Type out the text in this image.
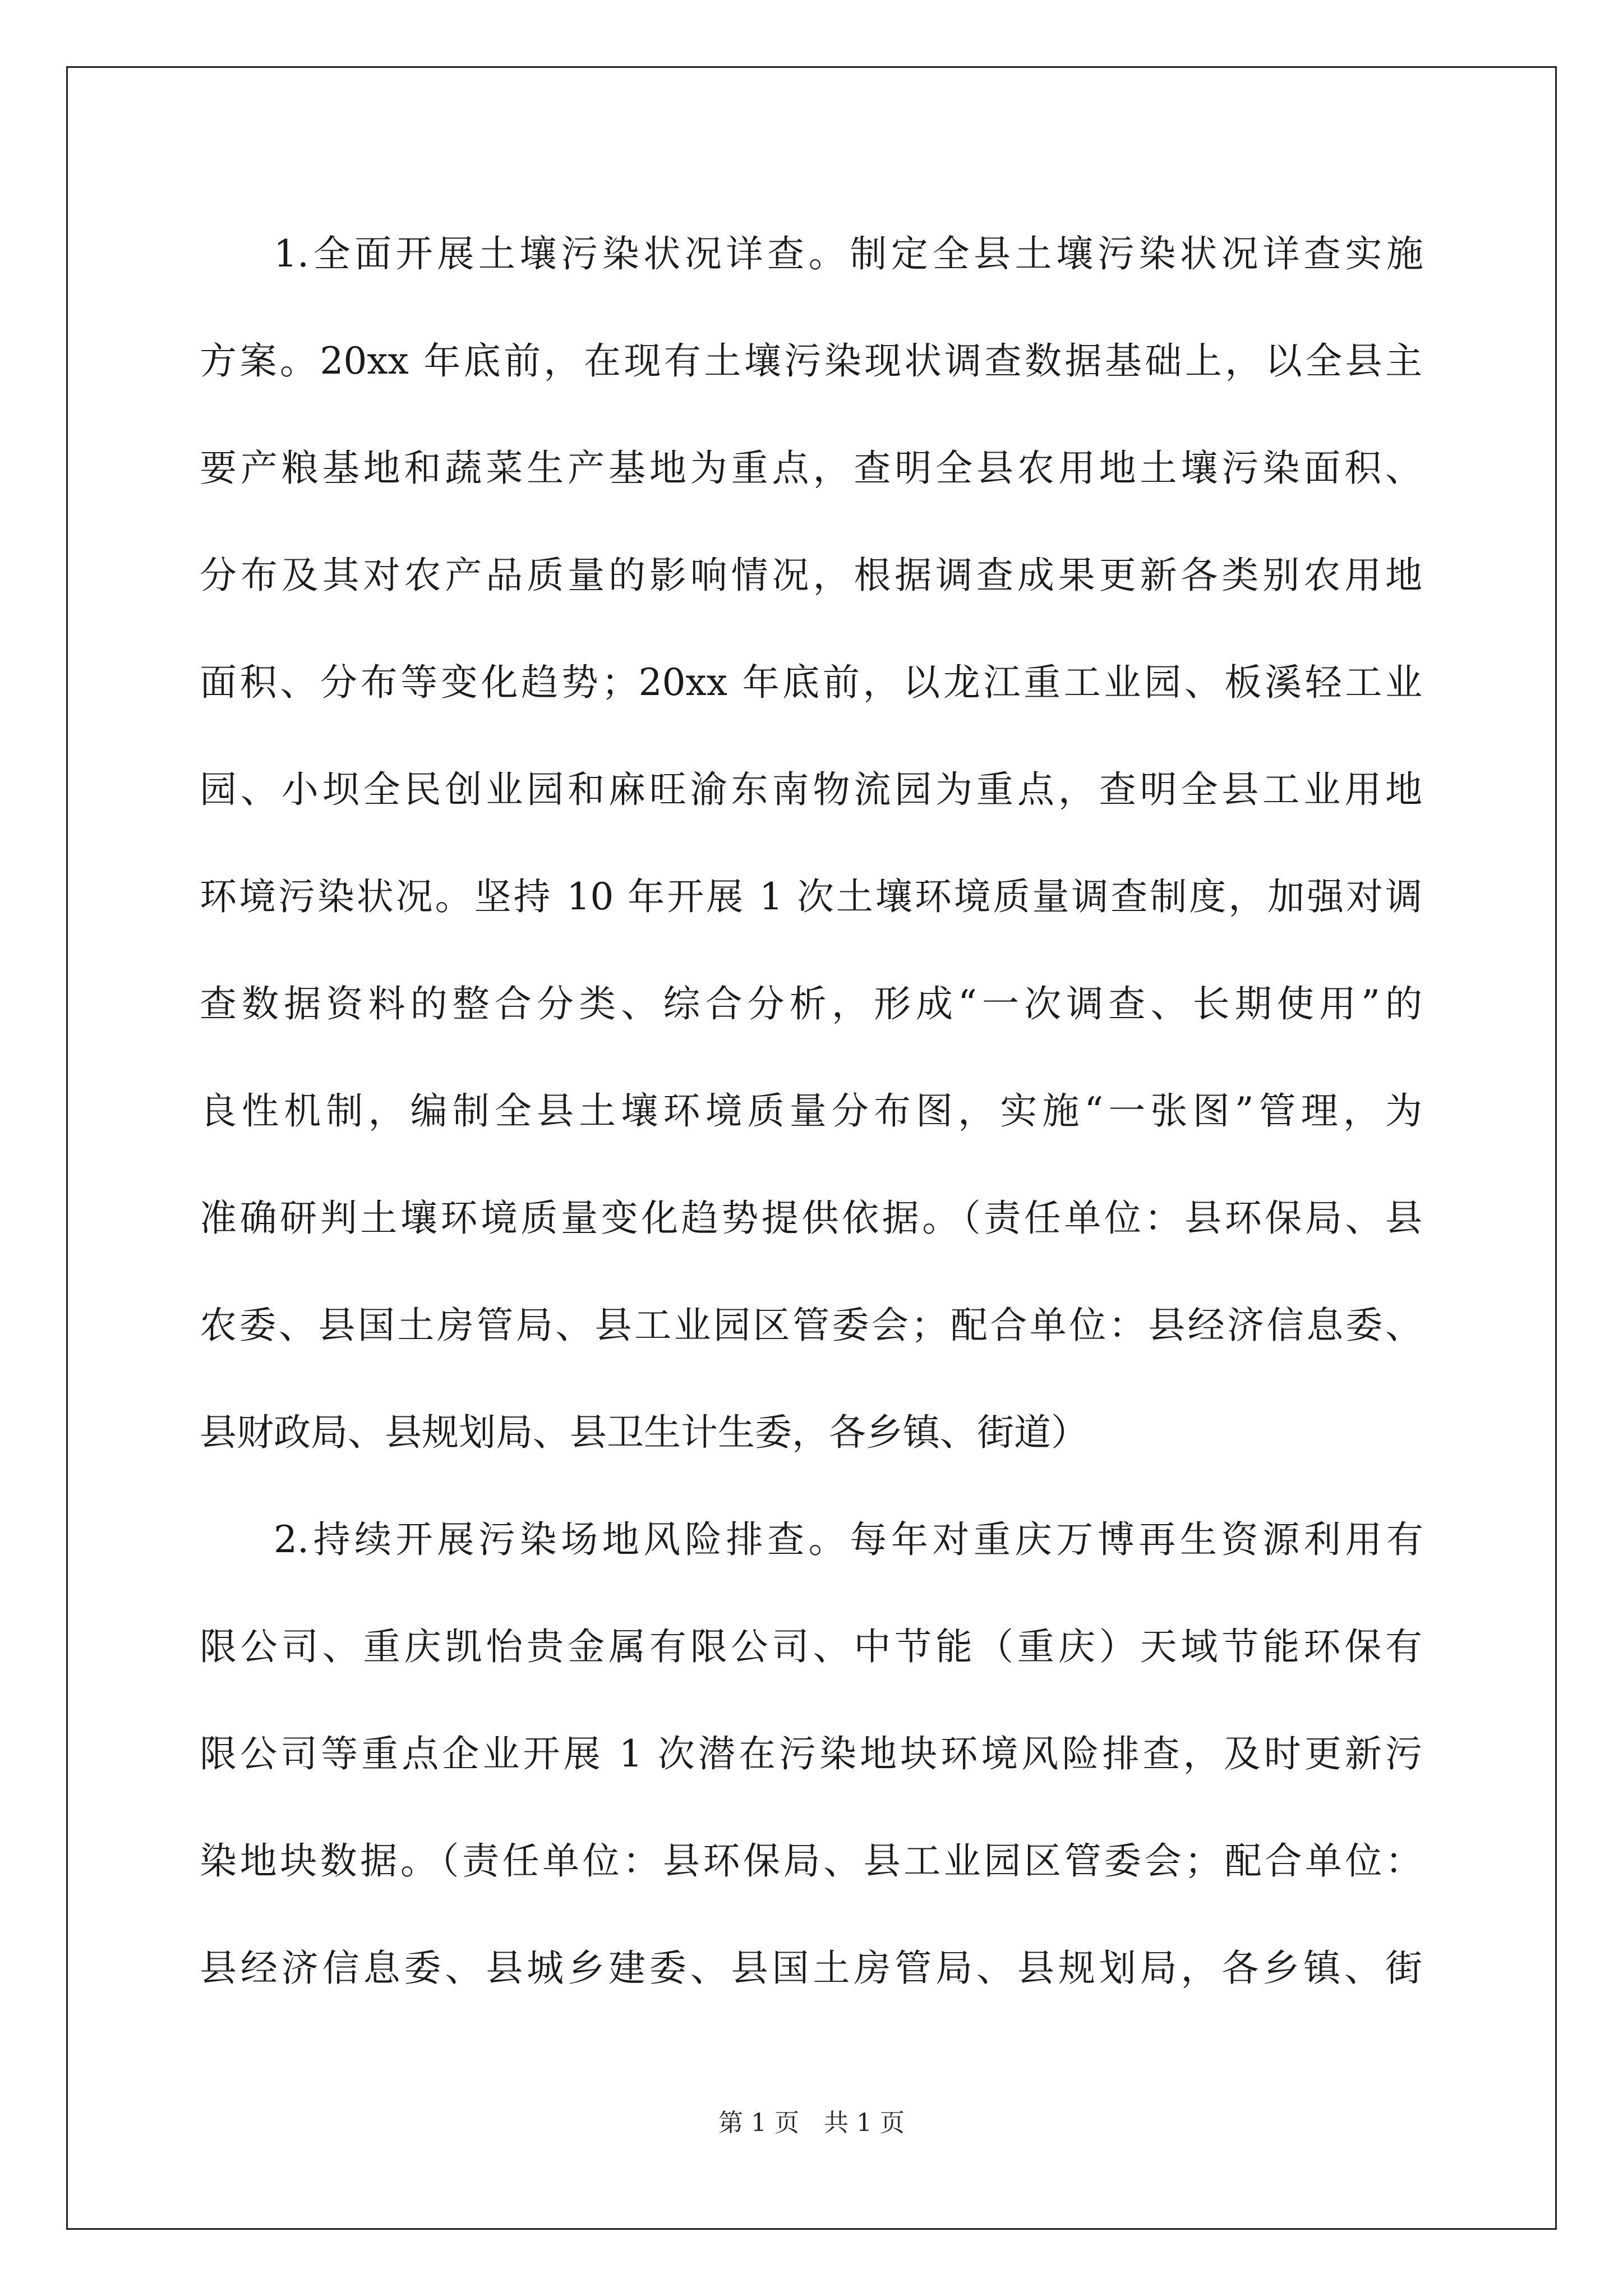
1.全面开展土壤污染状况详查。制定全县土壤污染状况详查实施
方案。20xx 年底前，在现有土壤污染现状调查数据基础上，以全县主
要产粮基地和蔬菜生产基地为重点，查明全县农用地土壤污染面积、
分布及其对农产品质量的影响情况，根据调查成果更新各类别农用地
面积、分布等变化趋势；20xx 年底前，以龙江重工业园、板溪轻工业
园、小坝全民创业园和麻旺渝东南物流园为重点，查明全县工业用地
环境污染状况。坚持 10 年开展 1 次土壤环境质量调查制度，加强对调
查数据资料的整合分类、综合分析，形成“一次调查、长期使用”的
良性机制，编制全县土壤环境质量分布图，实施“一张图”管理，为
准确研判土壤环境质量变化趋势提供依据。（责任单位：县环保局、县
农委、县国土房管局、县工业园区管委会；配合单位：县经济信息委、
县财政局、县规划局、县卫生计生委，各乡镇、街道）
2.持续开展污染场地风险排查。每年对重庆万博再生资源利用有
限公司、重庆凯怡贵金属有限公司、中节能（重庆）天域节能环保有
限公司等重点企业开展 1 次潜在污染地块环境风险排查，及时更新污
染地块数据。（责任单位：县环保局、县工业园区管委会；配合单位：
县经济信息委、县城乡建委、县国土房管局、县规划局，各乡镇、街
第 1 页　共 1 页
